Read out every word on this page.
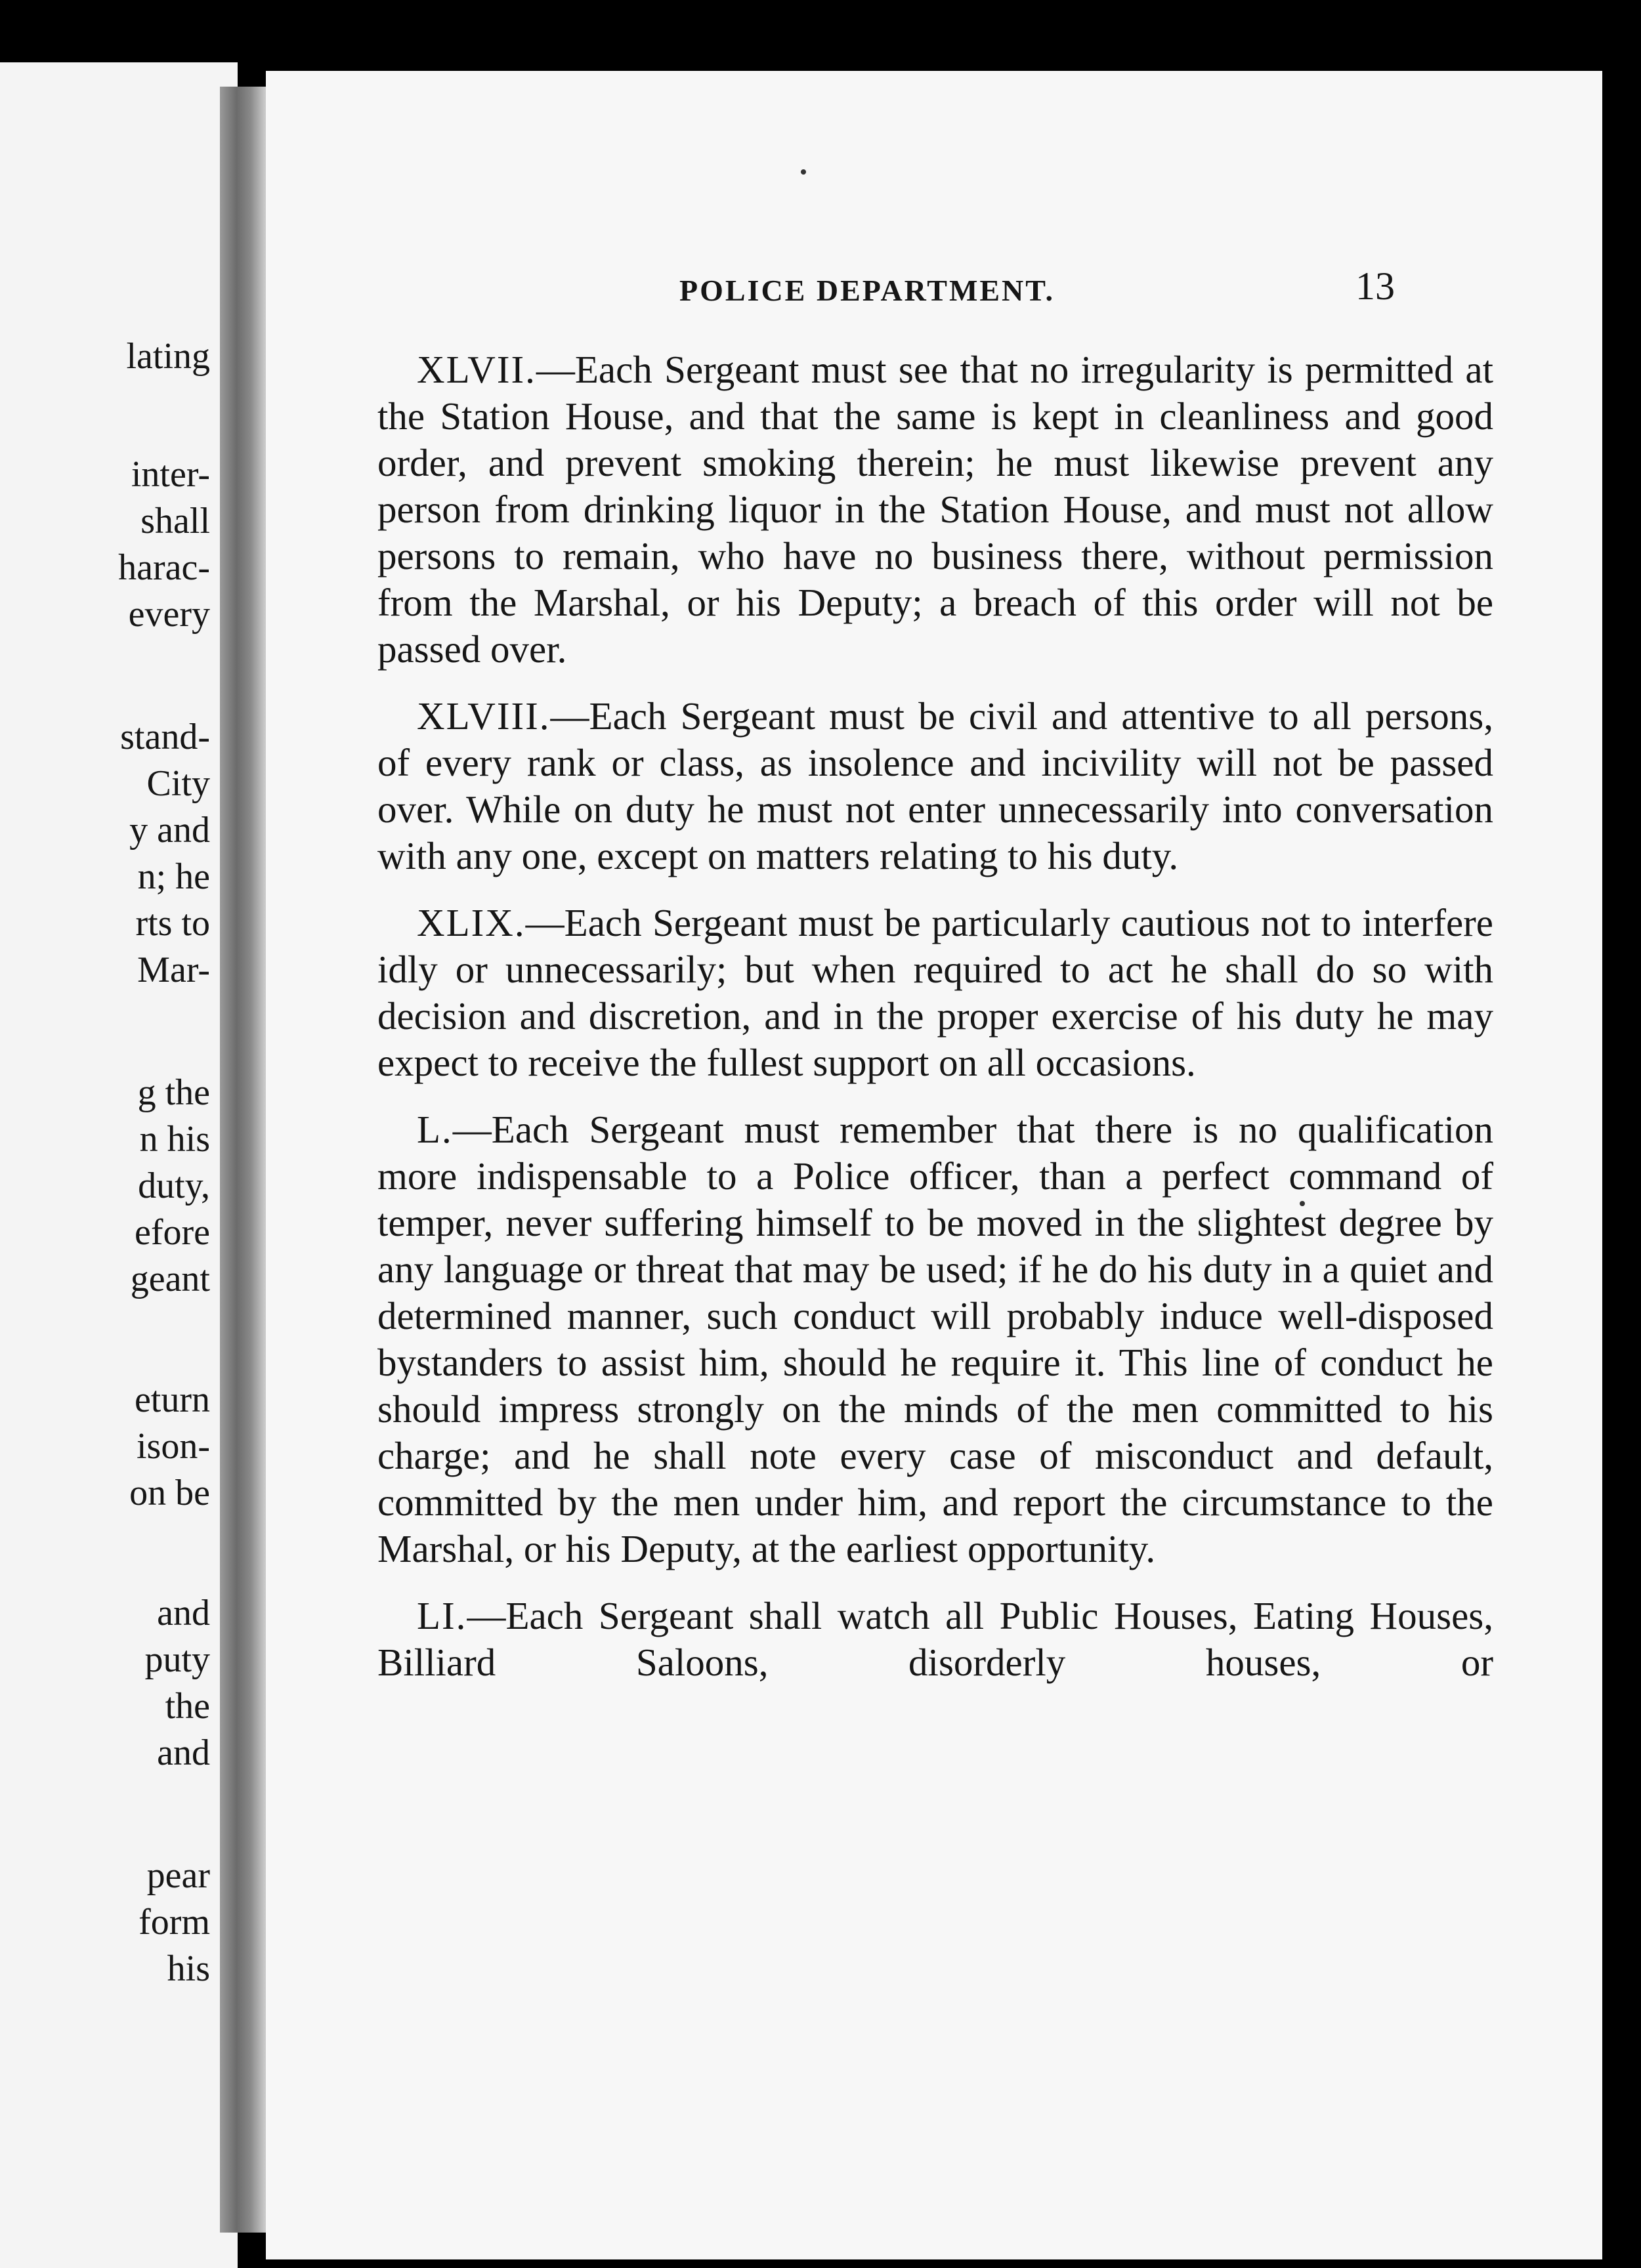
lating
inter-
shall
harac-
every
stand-
City
y and
n; he
rts to
Mar-
g the
n his
duty,
efore
geant
eturn
ison-
on be
and
puty
the
and
pear
form
his
POLICE DEPARTMENT.	13

XLVII.—Each Sergeant must see that no irregularity is permitted at the Station House, and that the same is kept in cleanliness and good order, and prevent smoking therein; he must likewise prevent any person from drinking liquor in the Station House, and must not allow persons to remain, who have no business there, without permission from the Marshal, or his Deputy; a breach of this order will not be passed over.

XLVIII.—Each Sergeant must be civil and attentive to all persons, of every rank or class, as insolence and incivility will not be passed over. While on duty he must not enter unnecessarily into conversation with any one, except on matters relating to his duty.

XLIX.—Each Sergeant must be particularly cautious not to interfere idly or unnecessarily; but when required to act he shall do so with decision and discretion, and in the proper exercise of his duty he may expect to receive the fullest support on all occasions.

L.—Each Sergeant must remember that there is no qualification more indispensable to a Police officer, than a perfect command of temper, never suffering himself to be moved in the slightest degree by any language or threat that may be used; if he do his duty in a quiet and determined manner, such conduct will probably induce well-disposed bystanders to assist him, should he require it. This line of conduct he should impress strongly on the minds of the men committed to his charge; and he shall note every case of misconduct and default, committed by the men under him, and report the circumstance to the Marshal, or his Deputy, at the earliest opportunity.

LI.—Each Sergeant shall watch all Public Houses, Eating Houses, Billiard Saloons, disorderly houses, or
